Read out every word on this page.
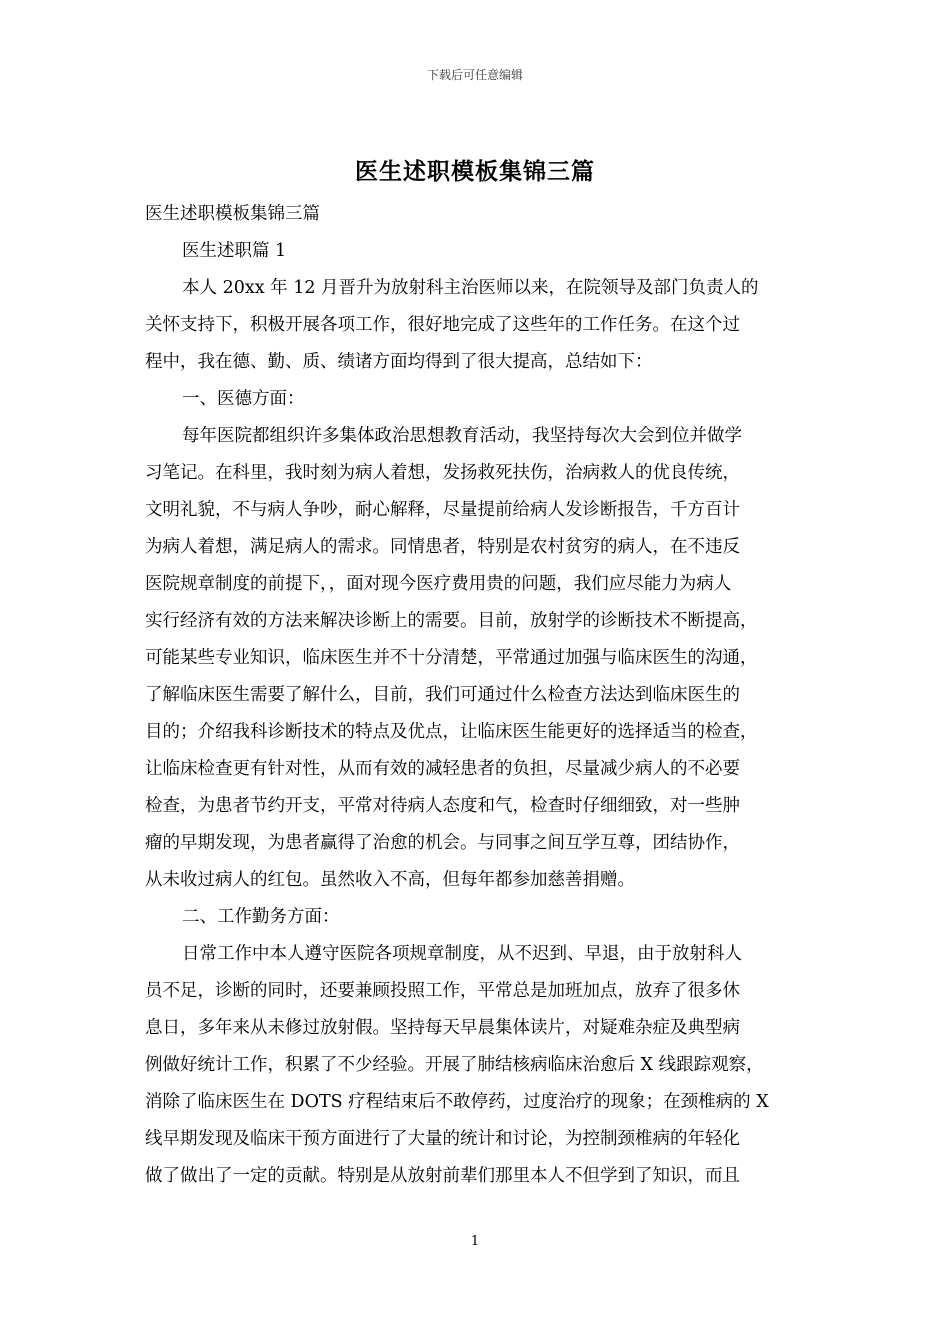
下载后可任意编辑
医生述职模板集锦三篇
医生述职模板集锦三篇
医生述职篇 1
本人 20xx 年 12 月晋升为放射科主治医师以来，在院领导及部门负责人的
关怀支持下，积极开展各项工作，很好地完成了这些年的工作任务。在这个过
程中，我在德、勤、质、绩诸方面均得到了很大提高，总结如下：
一、医德方面：
每年医院都组织许多集体政治思想教育活动，我坚持每次大会到位并做学
习笔记。在科里，我时刻为病人着想，发扬救死扶伤，治病救人的优良传统，
文明礼貌，不与病人争吵，耐心解释，尽量提前给病人发诊断报告，千方百计
为病人着想，满足病人的需求。同情患者，特别是农村贫穷的病人，在不违反
医院规章制度的前提下，，面对现今医疗费用贵的问题，我们应尽能力为病人
实行经济有效的方法来解决诊断上的需要。目前，放射学的诊断技术不断提高，
可能某些专业知识，临床医生并不十分清楚，平常通过加强与临床医生的沟通，
了解临床医生需要了解什么，目前，我们可通过什么检查方法达到临床医生的
目的；介绍我科诊断技术的特点及优点，让临床医生能更好的选择适当的检查，
让临床检查更有针对性，从而有效的减轻患者的负担，尽量减少病人的不必要
检查，为患者节约开支，平常对待病人态度和气，检查时仔细细致，对一些肿
瘤的早期发现，为患者赢得了治愈的机会。与同事之间互学互尊，团结协作，
从未收过病人的红包。虽然收入不高，但每年都参加慈善捐赠。
二、工作勤务方面：
日常工作中本人遵守医院各项规章制度，从不迟到、早退，由于放射科人
员不足，诊断的同时，还要兼顾投照工作，平常总是加班加点，放弃了很多休
息日，多年来从未修过放射假。坚持每天早晨集体读片，对疑难杂症及典型病
例做好统计工作，积累了不少经验。开展了肺结核病临床治愈后 X 线跟踪观察，
消除了临床医生在 DOTS 疗程结束后不敢停药，过度治疗的现象；在颈椎病的 X
线早期发现及临床干预方面进行了大量的统计和讨论，为控制颈椎病的年轻化
做了做出了一定的贡献。特别是从放射前辈们那里本人不但学到了知识，而且
1
